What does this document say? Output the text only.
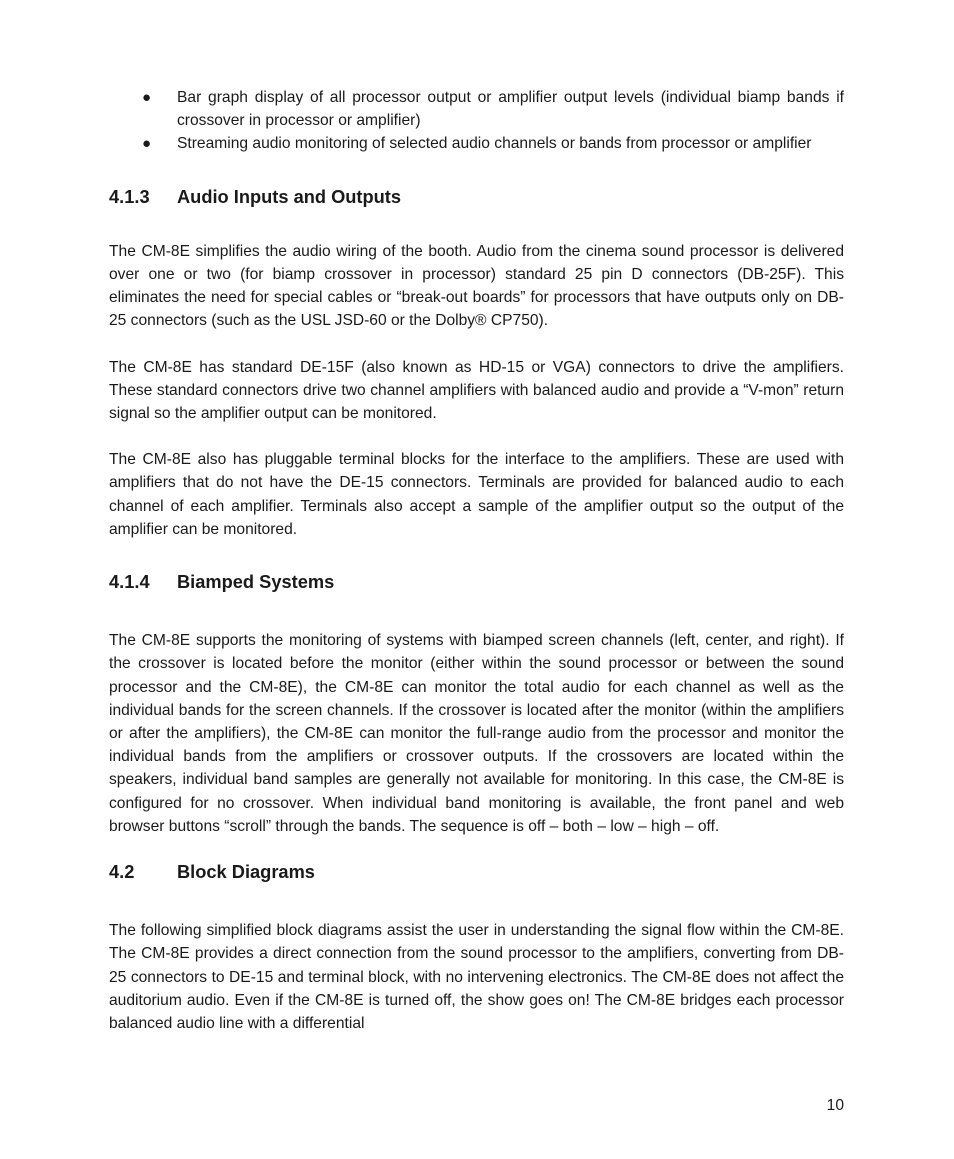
● Bar graph display of all processor output or amplifier output levels (individual biamp bands if crossover in processor or amplifier)
● Streaming audio monitoring of selected audio channels or bands from processor or amplifier
4.1.3	Audio Inputs and Outputs

The CM-8E simplifies the audio wiring of the booth. Audio from the cinema sound processor is delivered over one or two (for biamp crossover in processor) standard 25 pin D connectors (DB-25F). This eliminates the need for special cables or “break-out boards” for processors that have outputs only on DB-25 connectors (such as the USL JSD-60 or the Dolby® CP750).

The CM-8E has standard DE-15F (also known as HD-15 or VGA) connectors to drive the amplifiers. These standard connectors drive two channel amplifiers with balanced audio and provide a “V-mon” return signal so the amplifier output can be monitored.

The CM-8E also has pluggable terminal blocks for the interface to the amplifiers. These are used with amplifiers that do not have the DE-15 connectors. Terminals are provided for balanced audio to each channel of each amplifier. Terminals also accept a sample of the amplifier output so the output of the amplifier can be monitored.

4.1.4	Biamped Systems

The CM-8E supports the monitoring of systems with biamped screen channels (left, center, and right). If the crossover is located before the monitor (either within the sound processor or between the sound processor and the CM-8E), the CM-8E can monitor the total audio for each channel as well as the individual bands for the screen channels. If the crossover is located after the monitor (within the amplifiers or after the amplifiers), the CM-8E can monitor the full-range audio from the processor and monitor the individual bands from the amplifiers or crossover outputs. If the crossovers are located within the speakers, individual band samples are generally not available for monitoring. In this case, the CM-8E is configured for no crossover. When individual band monitoring is available, the front panel and web browser buttons “scroll” through the bands. The sequence is off – both – low – high – off.

4.2	Block Diagrams

The following simplified block diagrams assist the user in understanding the signal flow within the CM-8E. The CM-8E provides a direct connection from the sound processor to the amplifiers, converting from DB-25 connectors to DE-15 and terminal block, with no intervening electronics. The CM-8E does not affect the auditorium audio. Even if the CM-8E is turned off, the show goes on! The CM-8E bridges each processor balanced audio line with a differential

10
